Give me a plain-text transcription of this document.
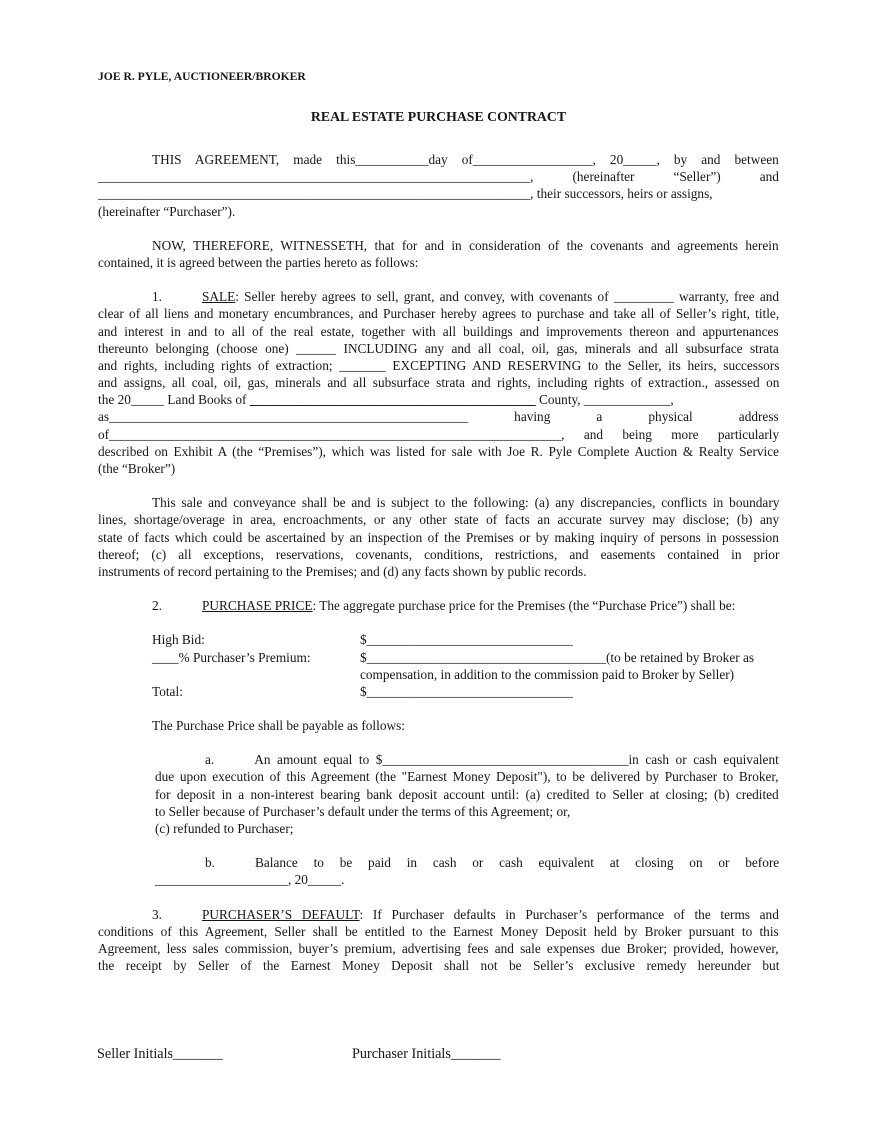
JOE R. PYLE, AUCTIONEER/BROKER
REAL ESTATE PURCHASE CONTRACT
THIS AGREEMENT, made this___________day of__________________, 20_____, by and between
_________________________________________________________________, (hereinafter “Seller”) and
_________________________________________________________________, their successors, heirs or assigns,
(hereinafter “Purchaser”).
NOW, THEREFORE, WITNESSETH, that for and in consideration of the covenants and agreements herein
contained, it is agreed between the parties hereto as follows:
1.	SALE: Seller hereby agrees to sell, grant, and convey, with covenants of _________ warranty, free and
clear of all liens and monetary encumbrances, and Purchaser hereby agrees to purchase and take all of Seller’s right, title,
and interest in and to all of the real estate, together with all buildings and improvements thereon and appurtenances
thereunto belonging (choose one) ______ INCLUDING any and all coal, oil, gas, minerals and all subsurface strata
and rights, including rights of extraction; _______ EXCEPTING AND RESERVING to the Seller, its heirs, successors
and assigns, all coal, oil, gas, minerals and all subsurface strata and rights, including rights of extraction., assessed on
the 20_____ Land Books of ___________________________________________ County, _____________,
as______________________________________________________ having a physical address
of____________________________________________________________________, and being more particularly
described on Exhibit A (the “Premises”), which was listed for sale with Joe R. Pyle Complete Auction & Realty Service
(the “Broker”)
This sale and conveyance shall be and is subject to the following: (a) any discrepancies, conflicts in boundary
lines, shortage/overage in area, encroachments, or any other state of facts an accurate survey may disclose; (b) any
state of facts which could be ascertained by an inspection of the Premises or by making inquiry of persons in possession
thereof; (c) all exceptions, reservations, covenants, conditions, restrictions, and easements contained in prior
instruments of record pertaining to the Premises; and (d) any facts shown by public records.
2.	PURCHASE PRICE: The aggregate purchase price for the Premises (the “Purchase Price”) shall be:
High Bid:	$_______________________________
____% Purchaser’s Premium:	$____________________________________(to be retained by Broker as
compensation, in addition to the commission paid to Broker by Seller)
Total:	$_______________________________
The Purchase Price shall be payable as follows:
a.	An amount equal to $_____________________________________in cash or cash equivalent
due upon execution of this Agreement (the "Earnest Money Deposit"), to be delivered by Purchaser to Broker,
for deposit in a non-interest bearing bank deposit account until: (a) credited to Seller at closing; (b) credited
to Seller because of Purchaser’s default under the terms of this Agreement; or,
(c) refunded to Purchaser;
b.	Balance to be paid in cash or cash equivalent at closing on or before
____________________, 20_____.
3.	PURCHASER’S DEFAULT: If Purchaser defaults in Purchaser’s performance of the terms and
conditions of this Agreement, Seller shall be entitled to the Earnest Money Deposit held by Broker pursuant to this
Agreement, less sales commission, buyer’s premium, advertising fees and sale expenses due Broker; provided, however,
the receipt by Seller of the Earnest Money Deposit shall not be Seller’s exclusive remedy hereunder but
Seller Initials_______	Purchaser Initials_______
